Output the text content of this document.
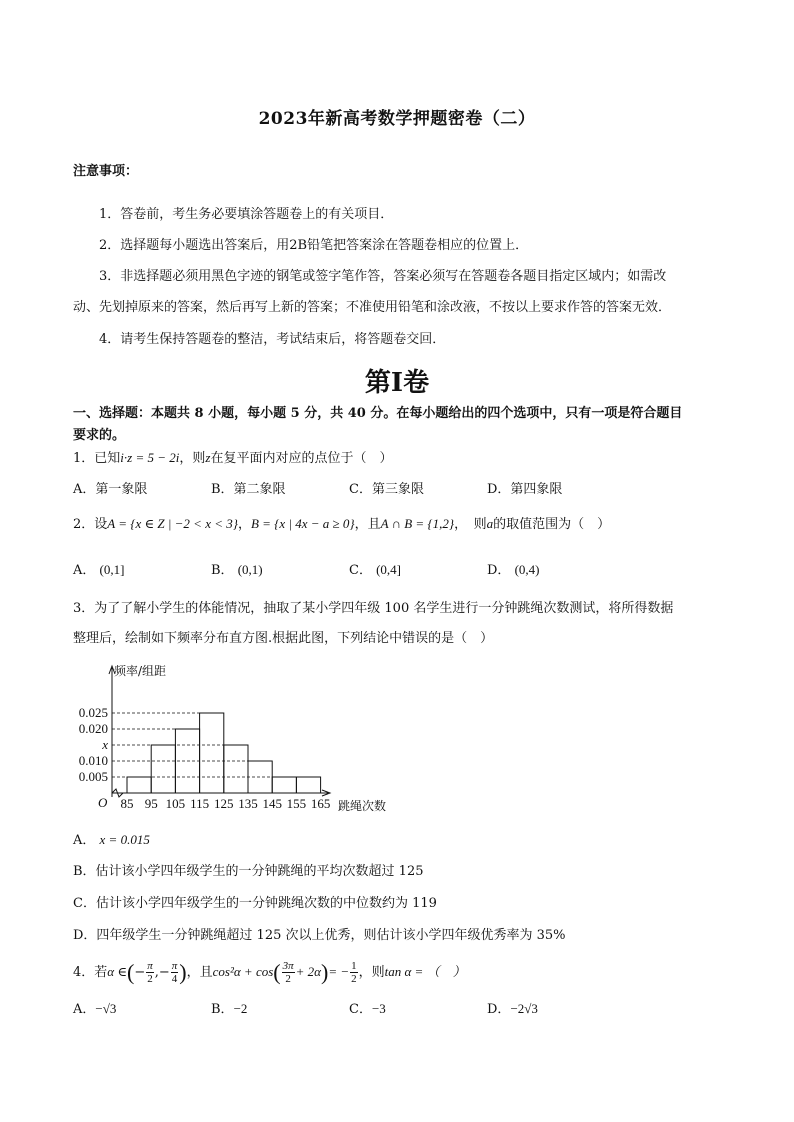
2023年新高考数学押题密卷（二）
注意事项：
1．答卷前，考生务必要填涂答题卷上的有关项目．
2．选择题每小题选出答案后，用2B铅笔把答案涂在答题卷相应的位置上．
3．非选择题必须用黑色字迹的钢笔或签字笔作答，答案必须写在答题卷各题目指定区域内；如需改
动、先划掉原来的答案，然后再写上新的答案；不准使用铅笔和涂改液，不按以上要求作答的答案无效．
4．请考生保持答题卷的整洁，考试结束后，将答题卷交回．
第I卷
一、选择题：本题共 8 小题，每小题 5 分，共 40 分。在每小题给出的四个选项中，只有一项是符合题目
要求的。
1．已知i·z = 5 − 2i，则z在复平面内对应的点位于（　）
A．第一象限	B．第二象限	C．第三象限	D．第四象限
2．设A = {x ∈ Z | −2 < x < 3}，B = {x | 4x − a ≥ 0}，且A ∩ B = {1,2}，　则a的取值范围为（　）
A． (0,1]	B． (0,1)	C． (0,4]	D． (0,4)
3．为了了解小学生的体能情况，抽取了某小学四年级 100 名学生进行一分钟跳绳次数测试，将所得数据
整理后，绘制如下频率分布直方图.根据此图，下列结论中错误的是（　）
频率/组距
O
0.025
0.020
x
0.010
0.005
85 95 105 115 125 135 145 155 165 跳绳次数
A． x = 0.015
B．估计该小学四年级学生的一分钟跳绳的平均次数超过 125
C．估计该小学四年级学生的一分钟跳绳次数的中位数约为 119
D．四年级学生一分钟跳绳超过 125 次以上优秀，则估计该小学四年级优秀率为 35%
4．若α ∈(− $\frac{\pi}{2}$ ,− $\frac{\pi}{4}$ )，且$\cos^2\alpha + \cos( \frac{3\pi}{2} + 2\alpha)= - \frac{1}{2}$ ，则tan α = （　）
A．−√3	B．−2	C．−3	D．−2√3
